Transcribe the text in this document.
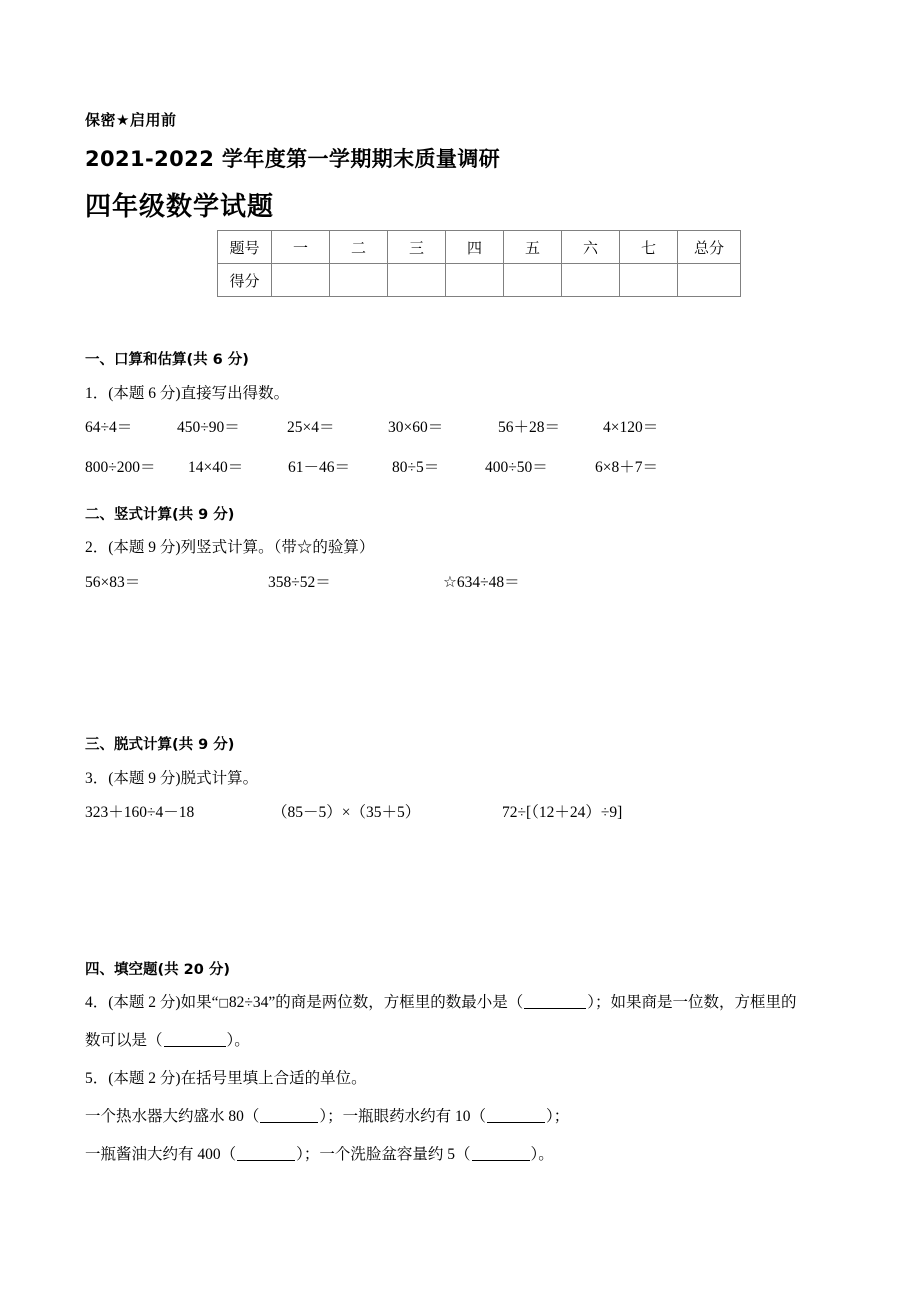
保密★启用前
2021-2022 学年度第一学期期末质量调研
四年级数学试题
题号	一	二	三	四	五	六	七	总分
得分								
一、口算和估算(共 6 分)
1．(本题 6 分)直接写出得数。
64÷4＝	450÷90＝	25×4＝	30×60＝	56＋28＝	4×120＝
800÷200＝ 14×40＝	61－46＝	80÷5＝	400÷50＝	6×8＋7＝
二、竖式计算(共 9 分)
2．(本题 9 分)列竖式计算。（带☆的验算）
56×83＝	358÷52＝	☆634÷48＝
三、脱式计算(共 9 分)
3．(本题 9 分)脱式计算。
323＋160÷4－18	（85－5）×（35＋5）	72÷[（12＋24）÷9]
四、填空题(共 20 分)
4．(本题 2 分)如果“□82÷34”的商是两位数，方框里的数最小是（	）；如果商是一位数，方框里的
数可以是（	）。
5．(本题 2 分)在括号里填上合适的单位。
一个热水器大约盛水 80（	）；一瓶眼药水约有 10（	）；
一瓶酱油大约有 400（	）；一个洗脸盆容量约 5（	）。
